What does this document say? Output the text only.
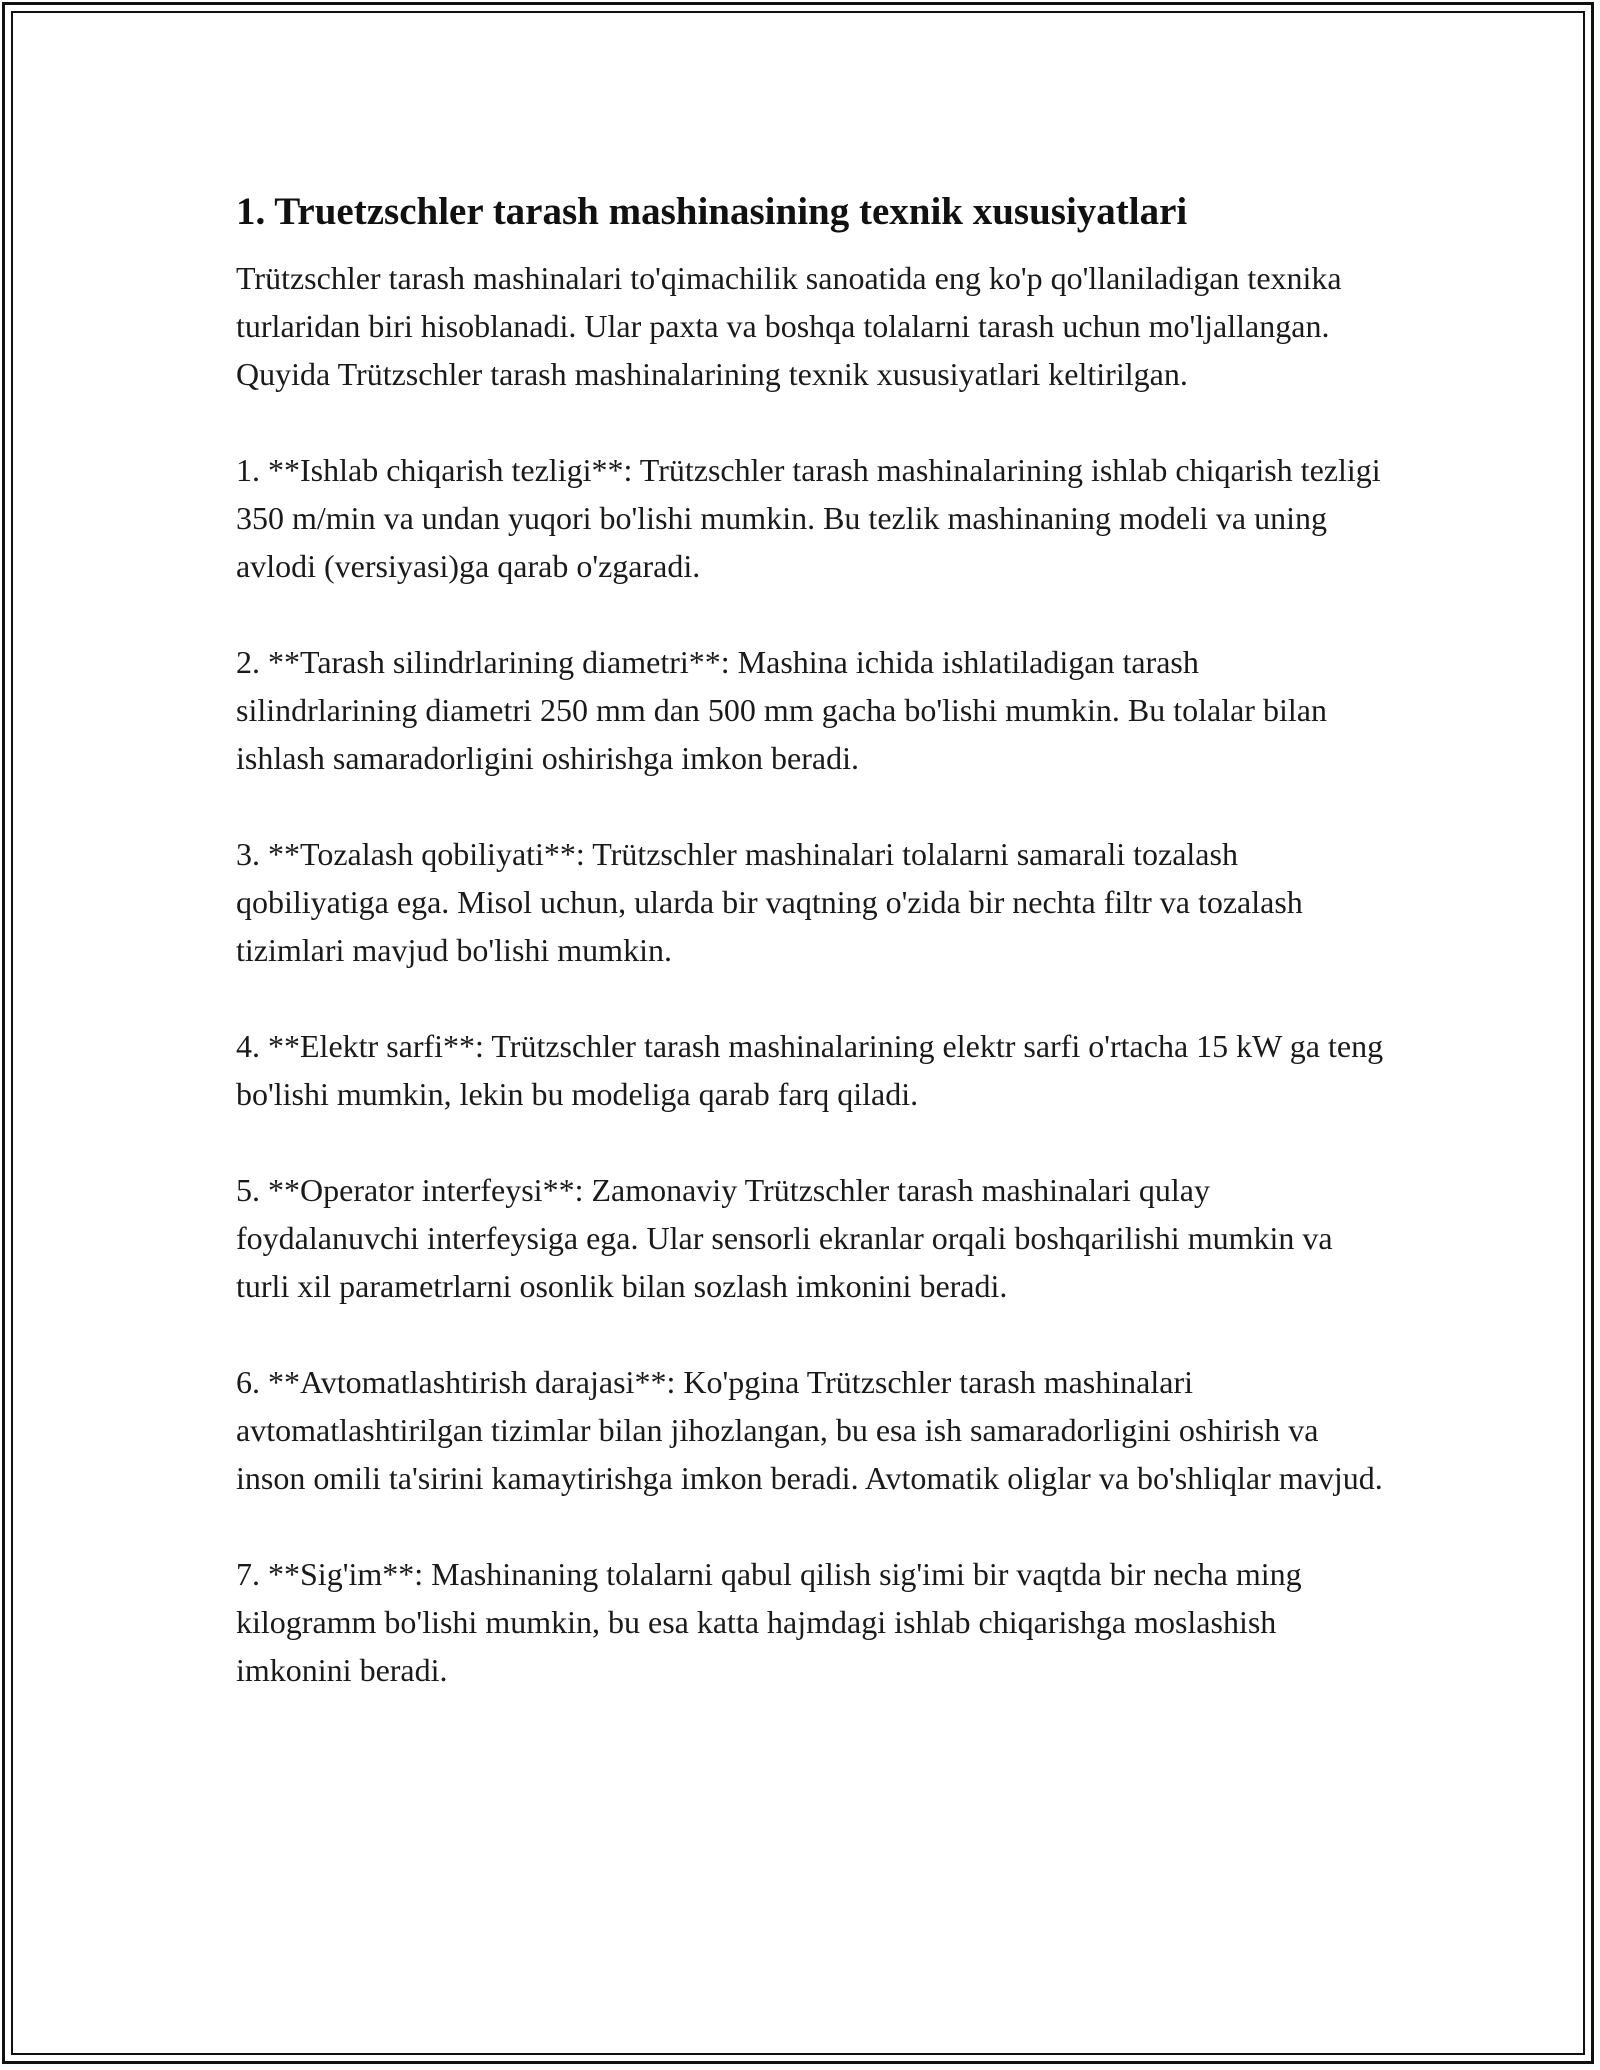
1. Truetzschler tarash mashinasining texnik xususiyatlari

Trützschler tarash mashinalari to'qimachilik sanoatida eng ko'p qo'llaniladigan texnika turlaridan biri hisoblanadi. Ular paxta va boshqa tolalarni tarash uchun mo'ljallangan. Quyida Trützschler tarash mashinalarining texnik xususiyatlari keltirilgan.

1. **Ishlab chiqarish tezligi**: Trützschler tarash mashinalarining ishlab chiqarish tezligi 350 m/min va undan yuqori bo'lishi mumkin. Bu tezlik mashinaning modeli va uning avlodi (versiyasi)ga qarab o'zgaradi.

2. **Tarash silindrlarining diametri**: Mashina ichida ishlatiladigan tarash silindrlarining diametri 250 mm dan 500 mm gacha bo'lishi mumkin. Bu tolalar bilan ishlash samaradorligini oshirishga imkon beradi.

3. **Tozalash qobiliyati**: Trützschler mashinalari tolalarni samarali tozalash qobiliyatiga ega. Misol uchun, ularda bir vaqtning o'zida bir nechta filtr va tozalash tizimlari mavjud bo'lishi mumkin.

4. **Elektr sarfi**: Trützschler tarash mashinalarining elektr sarfi o'rtacha 15 kW ga teng bo'lishi mumkin, lekin bu modeliga qarab farq qiladi.

5. **Operator interfeysi**: Zamonaviy Trützschler tarash mashinalari qulay foydalanuvchi interfeysiga ega. Ular sensorli ekranlar orqali boshqarilishi mumkin va turli xil parametrlarni osonlik bilan sozlash imkonini beradi.

6. **Avtomatlashtirish darajasi**: Ko'pgina Trützschler tarash mashinalari avtomatlashtirilgan tizimlar bilan jihozlangan, bu esa ish samaradorligini oshirish va inson omili ta'sirini kamaytirishga imkon beradi. Avtomatik oliglar va bo'shliqlar mavjud.

7. **Sig'im**: Mashinaning tolalarni qabul qilish sig'imi bir vaqtda bir necha ming kilogramm bo'lishi mumkin, bu esa katta hajmdagi ishlab chiqarishga moslashish imkonini beradi.
